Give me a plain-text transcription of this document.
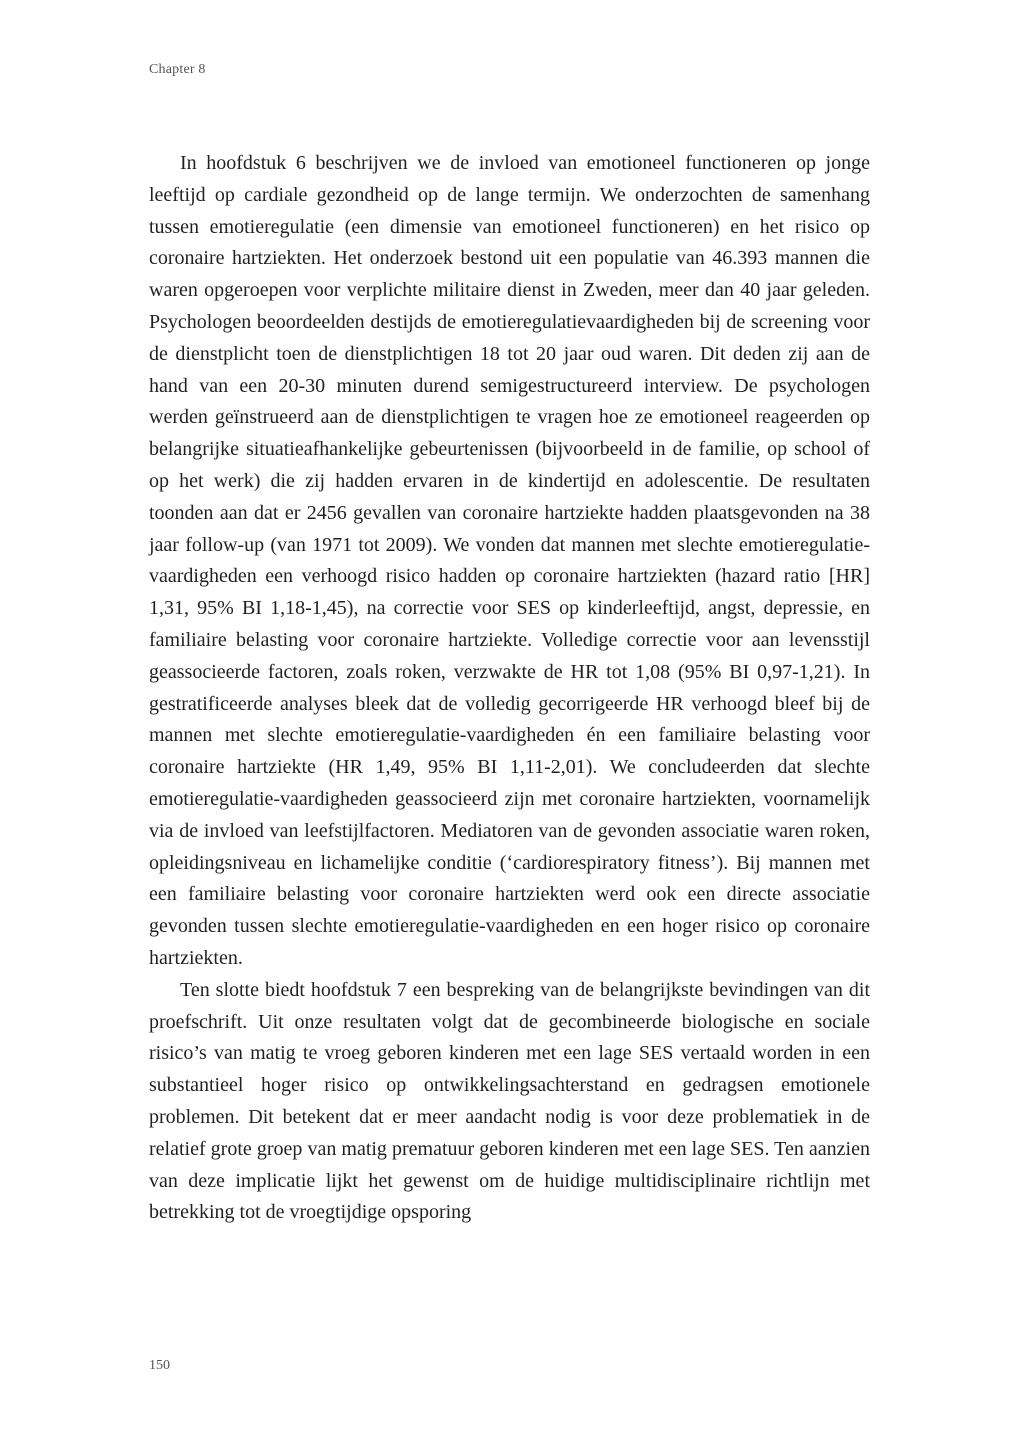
Chapter 8

In hoofdstuk 6 beschrijven we de invloed van emotioneel functioneren op jonge leeftijd op cardiale gezondheid op de lange termijn. We onderzochten de samenhang tussen emotieregulatie (een dimensie van emotioneel functioneren) en het risico op coronaire hartziekten. Het onderzoek bestond uit een populatie van 46.393 mannen die waren opgeroepen voor verplichte militaire dienst in Zweden, meer dan 40 jaar geleden. Psychologen beoordeelden destijds de emotieregulatievaardigheden bij de screening voor de dienstplicht toen de dienstplichtigen 18 tot 20 jaar oud waren. Dit deden zij aan de hand van een 20-30 minuten durend semigestructureerd interview. De psychologen werden geïnstrueerd aan de dienstplichtigen te vragen hoe ze emotioneel reageerden op belangrijke situatieafhankelijke gebeurtenissen (bijvoorbeeld in de familie, op school of op het werk) die zij hadden ervaren in de kindertijd en adolescentie. De resultaten toonden aan dat er 2456 gevallen van coronaire hartziekte hadden plaatsgevonden na 38 jaar follow-up (van 1971 tot 2009). We vonden dat mannen met slechte emotieregulatievaardigheden een verhoogd risico hadden op coronaire hartziekten (hazard ratio [HR] 1,31, 95% BI 1,18-1,45), na correctie voor SES op kinderleeftijd, angst, depressie, en familiaire belasting voor coronaire hartziekte. Volledige correctie voor aan levensstijl geassocieerde factoren, zoals roken, verzwakte de HR tot 1,08 (95% BI 0,97-1,21). In gestratificeerde analyses bleek dat de volledig gecorrigeerde HR verhoogd bleef bij de mannen met slechte emotieregulatie-vaardigheden én een familiaire belasting voor coronaire hartziekte (HR 1,49, 95% BI 1,11-2,01). We concludeerden dat slechte emotieregulatie-vaardigheden geassocieerd zijn met coronaire hartziekten, voornamelijk via de invloed van leefstijlfactoren. Mediatoren van de gevonden associatie waren roken, opleidingsniveau en lichamelijke conditie (‘cardiorespiratory fitness’). Bij mannen met een familiaire belasting voor coronaire hartziekten werd ook een directe associatie gevonden tussen slechte emotieregulatie-vaardigheden en een hoger risico op coronaire hartziekten.

Ten slotte biedt hoofdstuk 7 een bespreking van de belangrijkste bevindingen van dit proefschrift. Uit onze resultaten volgt dat de gecombineerde biologische en sociale risico’s van matig te vroeg geboren kinderen met een lage SES vertaald worden in een substantieel hoger risico op ontwikkelingsachterstand en gedragsen emotionele problemen. Dit betekent dat er meer aandacht nodig is voor deze problematiek in de relatief grote groep van matig prematuur geboren kinderen met een lage SES. Ten aanzien van deze implicatie lijkt het gewenst om de huidige multidisciplinaire richtlijn met betrekking tot de vroegtijdige opsporing

150
